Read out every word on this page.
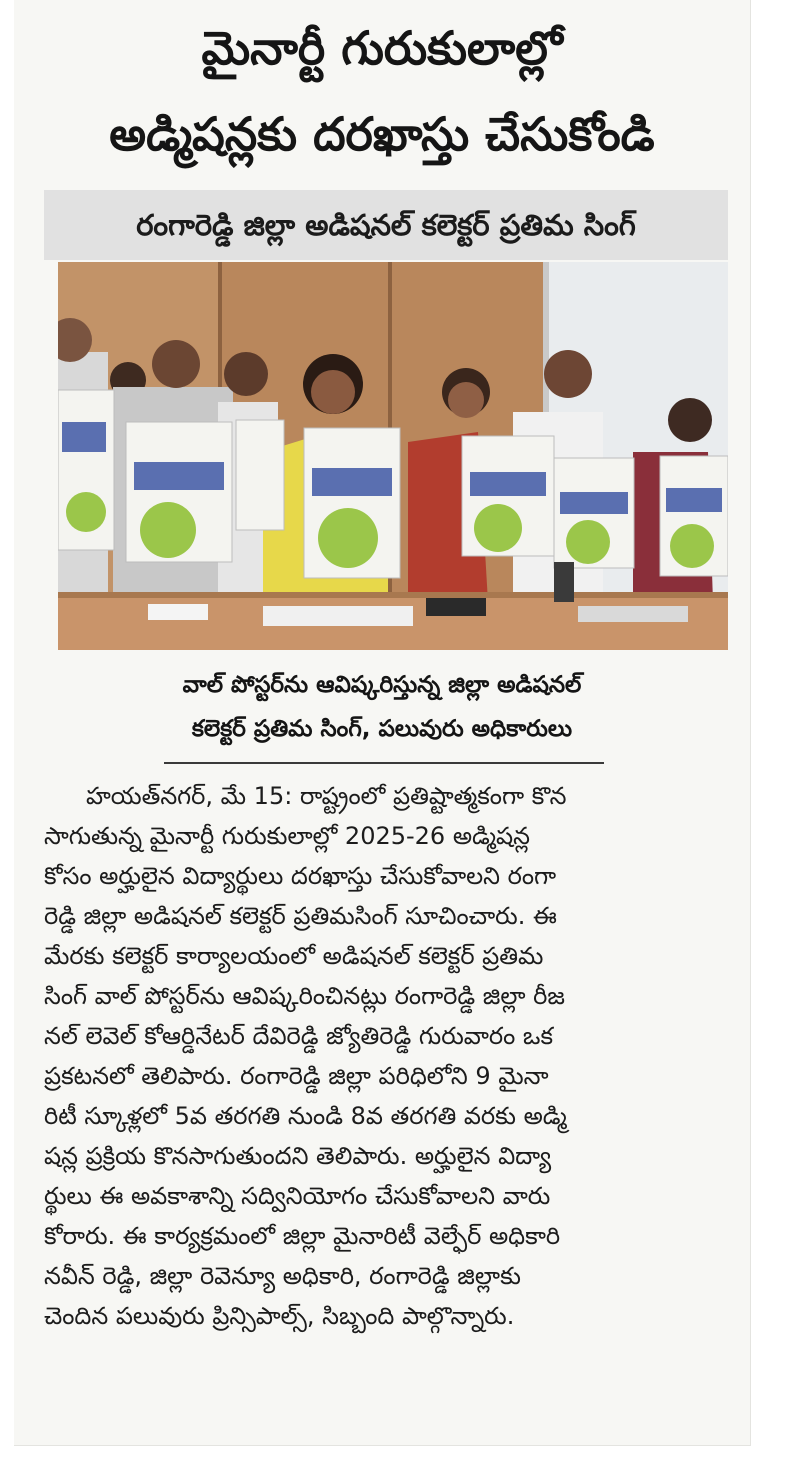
మైనార్టీ గురుకులాల్లో
అడ్మిషన్లకు దరఖాస్తు చేసుకోండి
రంగారెడ్డి జిల్లా అడిషనల్ కలెక్టర్ ప్రతిమ సింగ్
వాల్ పోస్టర్‌ను ఆవిష్కరిస్తున్న జిల్లా అడిషనల్
కలెక్టర్ ప్రతిమ సింగ్, పలువురు అధికారులు
హయత్‌నగర్, మే 15: రాష్ట్రంలో ప్రతిష్టాత్మకంగా కొన
సాగుతున్న మైనార్టీ గురుకులాల్లో 2025-26 అడ్మిషన్ల
కోసం అర్హులైన విద్యార్థులు దరఖాస్తు చేసుకోవాలని రంగా
రెడ్డి జిల్లా అడిషనల్ కలెక్టర్ ప్రతిమసింగ్ సూచించారు. ఈ
మేరకు కలెక్టర్ కార్యాలయంలో అడిషనల్ కలెక్టర్ ప్రతిమ
సింగ్ వాల్ పోస్టర్‌ను ఆవిష్కరించినట్లు రంగారెడ్డి జిల్లా రీజ
నల్ లెవెల్ కోఆర్డినేటర్ దేవిరెడ్డి జ్యోతిరెడ్డి గురువారం ఒక
ప్రకటనలో తెలిపారు. రంగారెడ్డి జిల్లా పరిధిలోని 9 మైనా
రిటీ స్కూళ్లలో 5వ తరగతి నుండి 8వ తరగతి వరకు అడ్మి
షన్ల ప్రక్రియ కొనసాగుతుందని తెలిపారు. అర్హులైన విద్యా
ర్థులు ఈ అవకాశాన్ని సద్వినియోగం చేసుకోవాలని వారు
కోరారు. ఈ కార్యక్రమంలో జిల్లా మైనారిటీ వెల్ఫేర్ అధికారి
నవీన్ రెడ్డి, జిల్లా రెవెన్యూ అధికారి, రంగారెడ్డి జిల్లాకు
చెందిన పలువురు ప్రిన్సిపాల్స్, సిబ్బంది పాల్గొన్నారు.
